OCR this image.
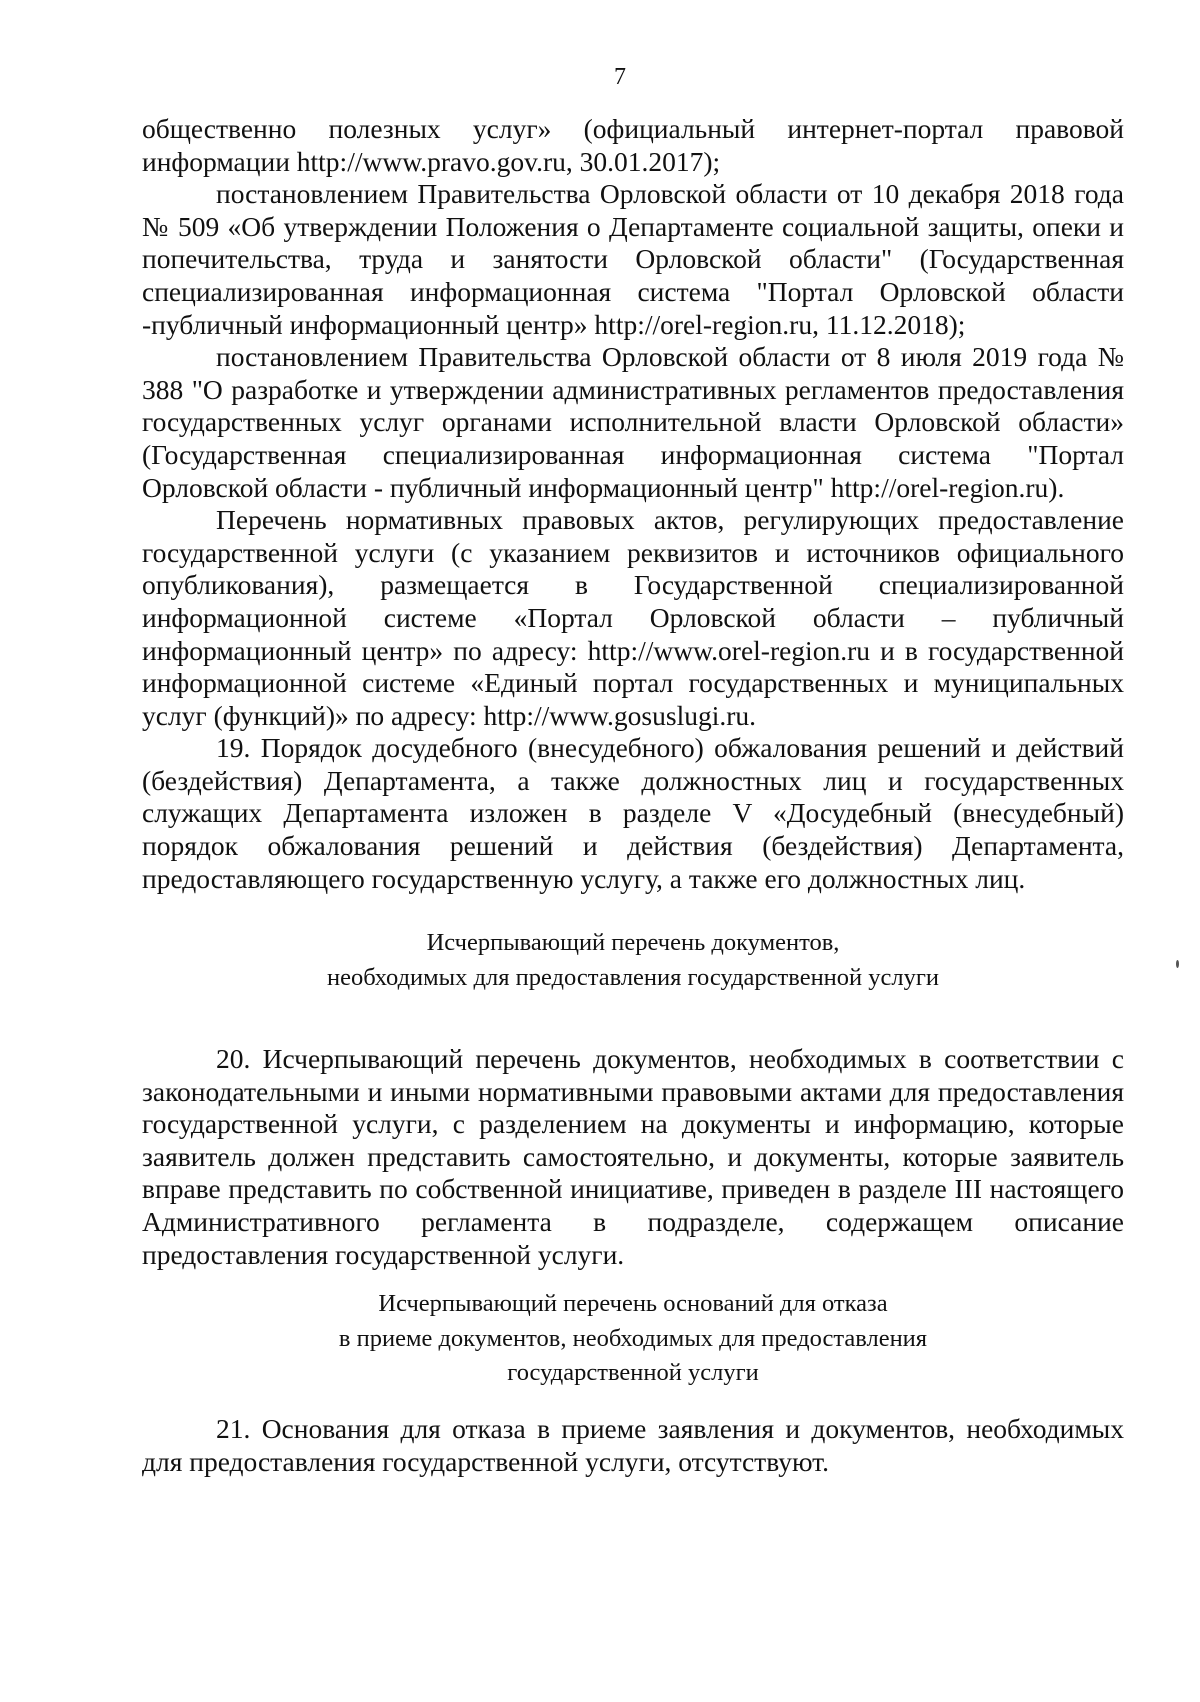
7

общественно полезных услуг» (официальный интернет-портал правовой информации http://www.pravo.gov.ru, 30.01.2017);

постановлением Правительства Орловской области от 10 декабря 2018 года № 509 «Об утверждении Положения о Департаменте социальной защиты, опеки и попечительства, труда и занятости Орловской области" (Государственная специализированная информационная система "Портал Орловской области -публичный информационный центр» http://orel-region.ru, 11.12.2018);

постановлением Правительства Орловской области от 8 июля 2019 года № 388 "О разработке и утверждении административных регламентов предоставления государственных услуг органами исполнительной власти Орловской области» (Государственная специализированная информационная система "Портал Орловской области - публичный информационный центр" http://orel-region.ru).

Перечень нормативных правовых актов, регулирующих предоставление государственной услуги (с указанием реквизитов и источников официального опубликования), размещается в Государственной специализированной информационной системе «Портал Орловской области – публичный информационный центр» по адресу: http://www.orel-region.ru и в государственной информационной системе «Единый портал государственных и муниципальных услуг (функций)» по адресу: http://www.gosuslugi.ru.

19. Порядок досудебного (внесудебного) обжалования решений и действий (бездействия) Департамента, а также должностных лиц и государственных служащих Департамента изложен в разделе V «Досудебный (внесудебный) порядок обжалования решений и действия (бездействия) Департамента, предоставляющего государственную услугу, а также его должностных лиц.

Исчерпывающий перечень документов,
необходимых для предоставления государственной услуги

20. Исчерпывающий перечень документов, необходимых в соответствии с законодательными и иными нормативными правовыми актами для предоставления государственной услуги, с разделением на документы и информацию, которые заявитель должен представить самостоятельно, и документы, которые заявитель вправе представить по собственной инициативе, приведен в разделе III настоящего Административного регламента в подразделе, содержащем описание предоставления государственной услуги.

Исчерпывающий перечень оснований для отказа
в приеме документов, необходимых для предоставления
государственной услуги

21. Основания для отказа в приеме заявления и документов, необходимых для предоставления государственной услуги, отсутствуют.
